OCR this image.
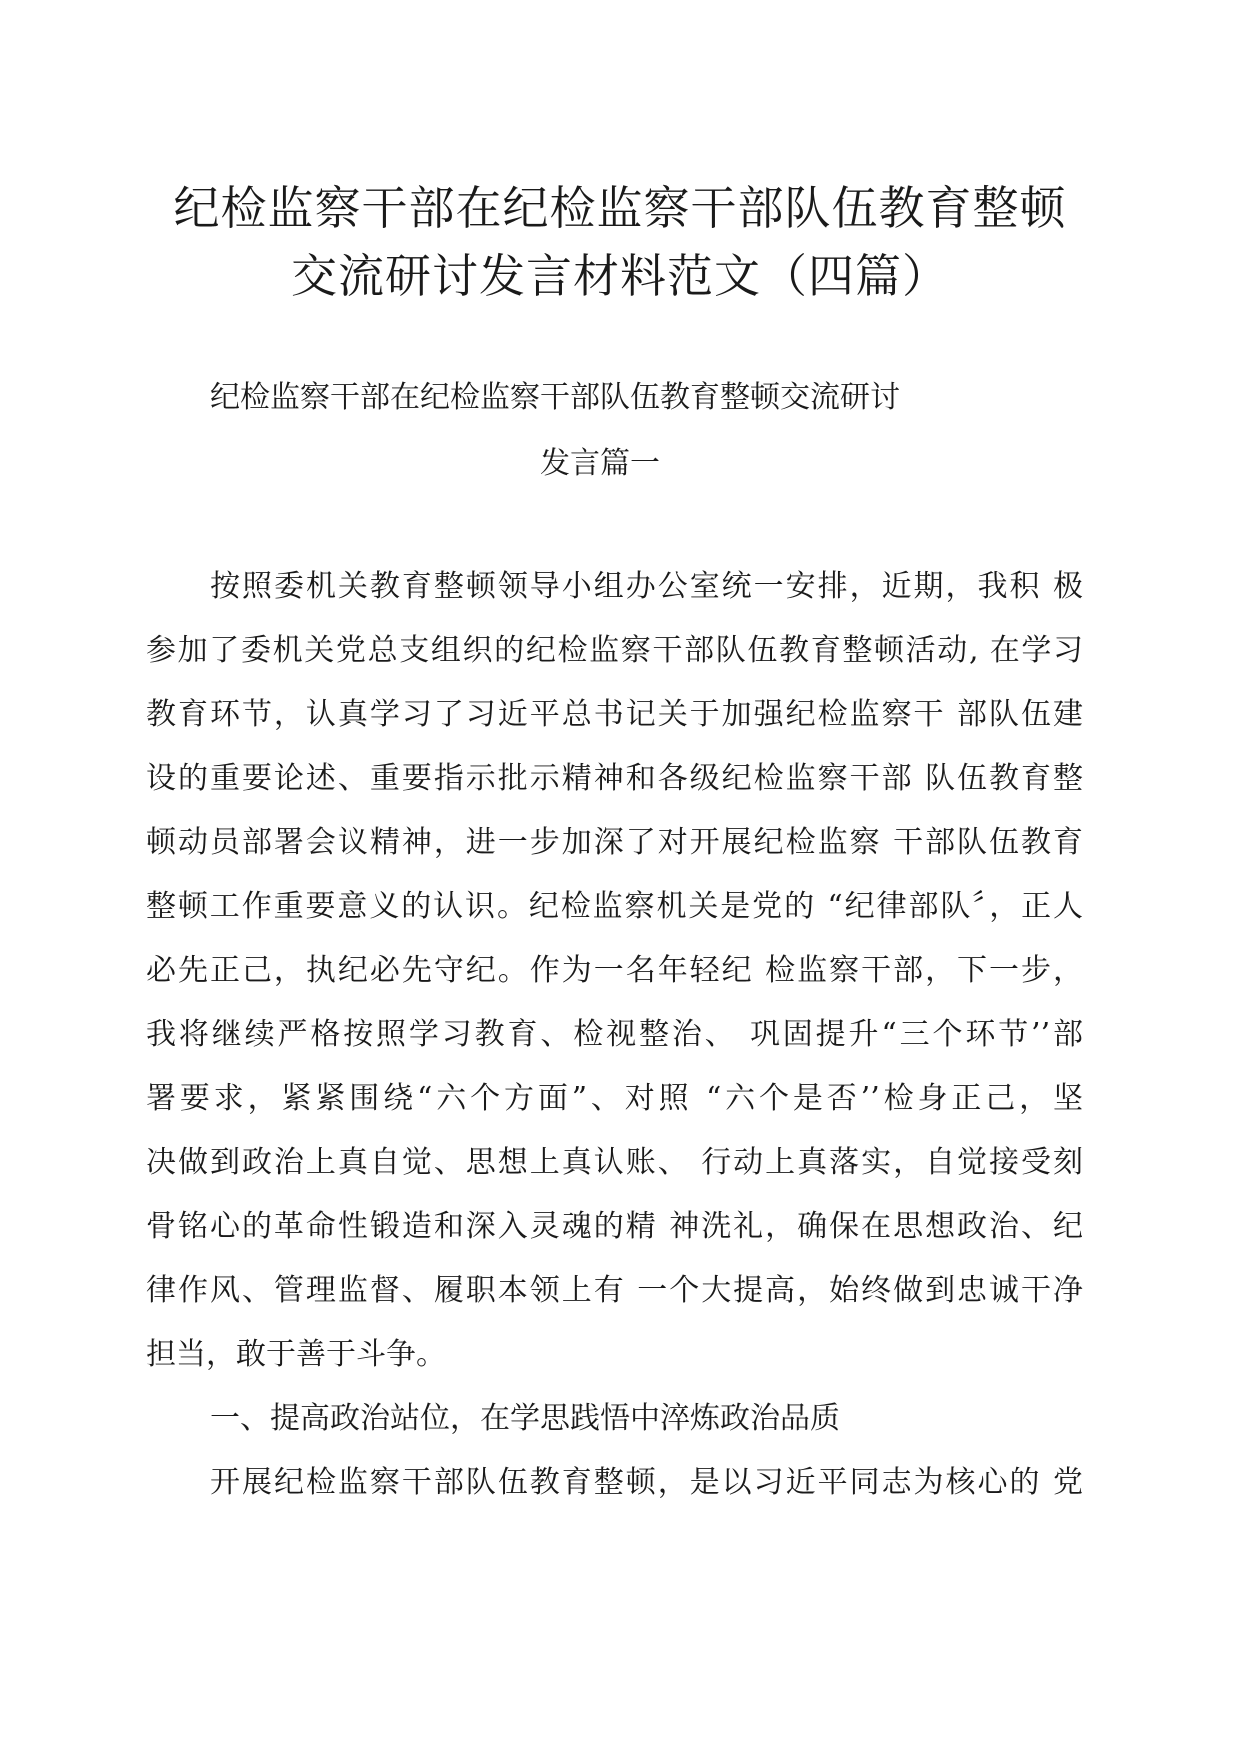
纪检监察干部在纪检监察干部队伍教育整顿
交流研讨发言材料范文（四篇）
纪检监察干部在纪检监察干部队伍教育整顿交流研讨
发言篇一
按照委机关教育整顿领导小组办公室统一安排，近期，我积 极
参加了委机关党总支组织的纪检监察干部队伍教育整顿活动, 在学习
教育环节，认真学习了习近平总书记关于加强纪检监察干 部队伍建
设的重要论述、重要指示批示精神和各级纪检监察干部 队伍教育整
顿动员部署会议精神，进一步加深了对开展纪检监察 干部队伍教育
整顿工作重要意义的认识。纪检监察机关是党的 “纪律部队〞，正人
必先正己，执纪必先守纪。作为一名年轻纪 检监察干部，下一步，
我将继续严格按照学习教育、检视整治、 巩固提升“三个环节’’部
署要求，紧紧围绕“六个方面”、对照 “六个是否’’检身正己，坚
决做到政治上真自觉、思想上真认账、 行动上真落实，自觉接受刻
骨铭心的革命性锻造和深入灵魂的精 神洗礼，确保在思想政治、纪
律作风、管理监督、履职本领上有 一个大提高，始终做到忠诚干净
担当，敢于善于斗争。
一、提高政治站位，在学思践悟中淬炼政治品质
开展纪检监察干部队伍教育整顿，是以习近平同志为核心的 党
